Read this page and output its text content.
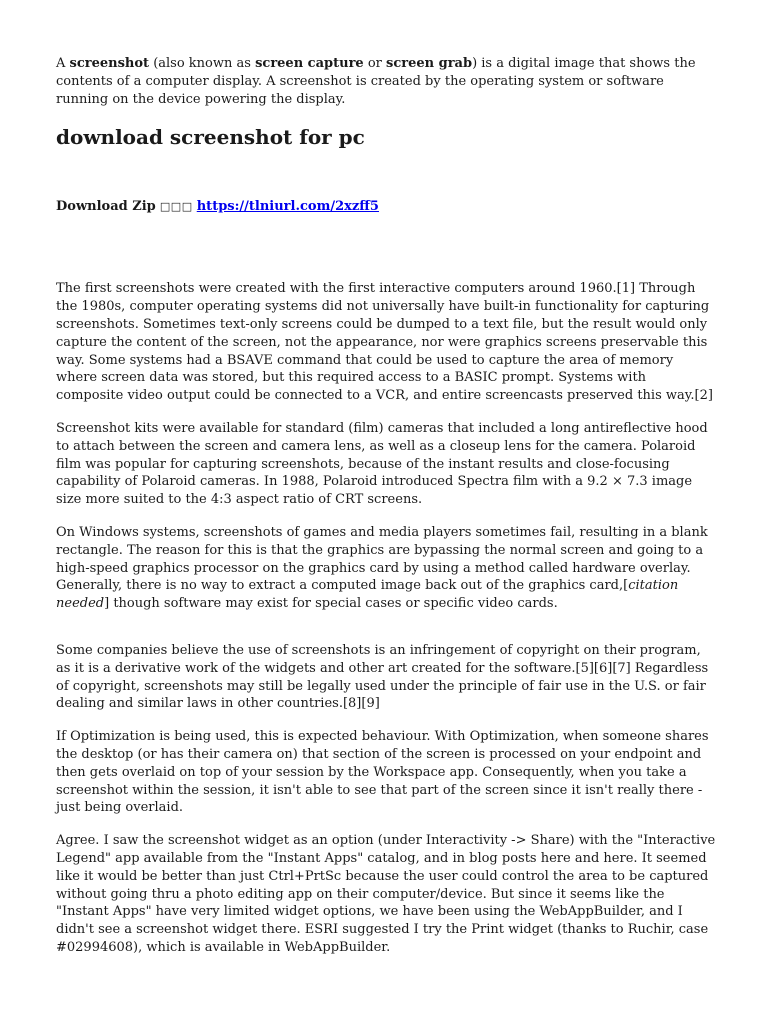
A screenshot (also known as screen capture or screen grab) is a digital image that shows the contents of a computer display. A screenshot is created by the operating system or software running on the device powering the display.

download screenshot for pc

Download Zip □□□ https://tlniurl.com/2xzff5

The first screenshots were created with the first interactive computers around 1960.[1] Through the 1980s, computer operating systems did not universally have built-in functionality for capturing screenshots. Sometimes text-only screens could be dumped to a text file, but the result would only capture the content of the screen, not the appearance, nor were graphics screens preservable this way. Some systems had a BSAVE command that could be used to capture the area of memory where screen data was stored, but this required access to a BASIC prompt. Systems with composite video output could be connected to a VCR, and entire screencasts preserved this way.[2]

Screenshot kits were available for standard (film) cameras that included a long antireflective hood to attach between the screen and camera lens, as well as a closeup lens for the camera. Polaroid film was popular for capturing screenshots, because of the instant results and close-focusing capability of Polaroid cameras. In 1988, Polaroid introduced Spectra film with a 9.2 × 7.3 image size more suited to the 4:3 aspect ratio of CRT screens.

On Windows systems, screenshots of games and media players sometimes fail, resulting in a blank rectangle. The reason for this is that the graphics are bypassing the normal screen and going to a high-speed graphics processor on the graphics card by using a method called hardware overlay. Generally, there is no way to extract a computed image back out of the graphics card,[citation needed] though software may exist for special cases or specific video cards.

Some companies believe the use of screenshots is an infringement of copyright on their program, as it is a derivative work of the widgets and other art created for the software.[5][6][7] Regardless of copyright, screenshots may still be legally used under the principle of fair use in the U.S. or fair dealing and similar laws in other countries.[8][9]

If Optimization is being used, this is expected behaviour. With Optimization, when someone shares the desktop (or has their camera on) that section of the screen is processed on your endpoint and then gets overlaid on top of your session by the Workspace app. Consequently, when you take a screenshot within the session, it isn't able to see that part of the screen since it isn't really there - just being overlaid.

Agree. I saw the screenshot widget as an option (under Interactivity -> Share) with the "Interactive Legend" app available from the "Instant Apps" catalog, and in blog posts here and here. It seemed like it would be better than just Ctrl+PrtSc because the user could control the area to be captured without going thru a photo editing app on their computer/device. But since it seems like the "Instant Apps" have very limited widget options, we have been using the WebAppBuilder, and I didn't see a screenshot widget there. ESRI suggested I try the Print widget (thanks to Ruchir, case #02994608), which is available in WebAppBuilder.
